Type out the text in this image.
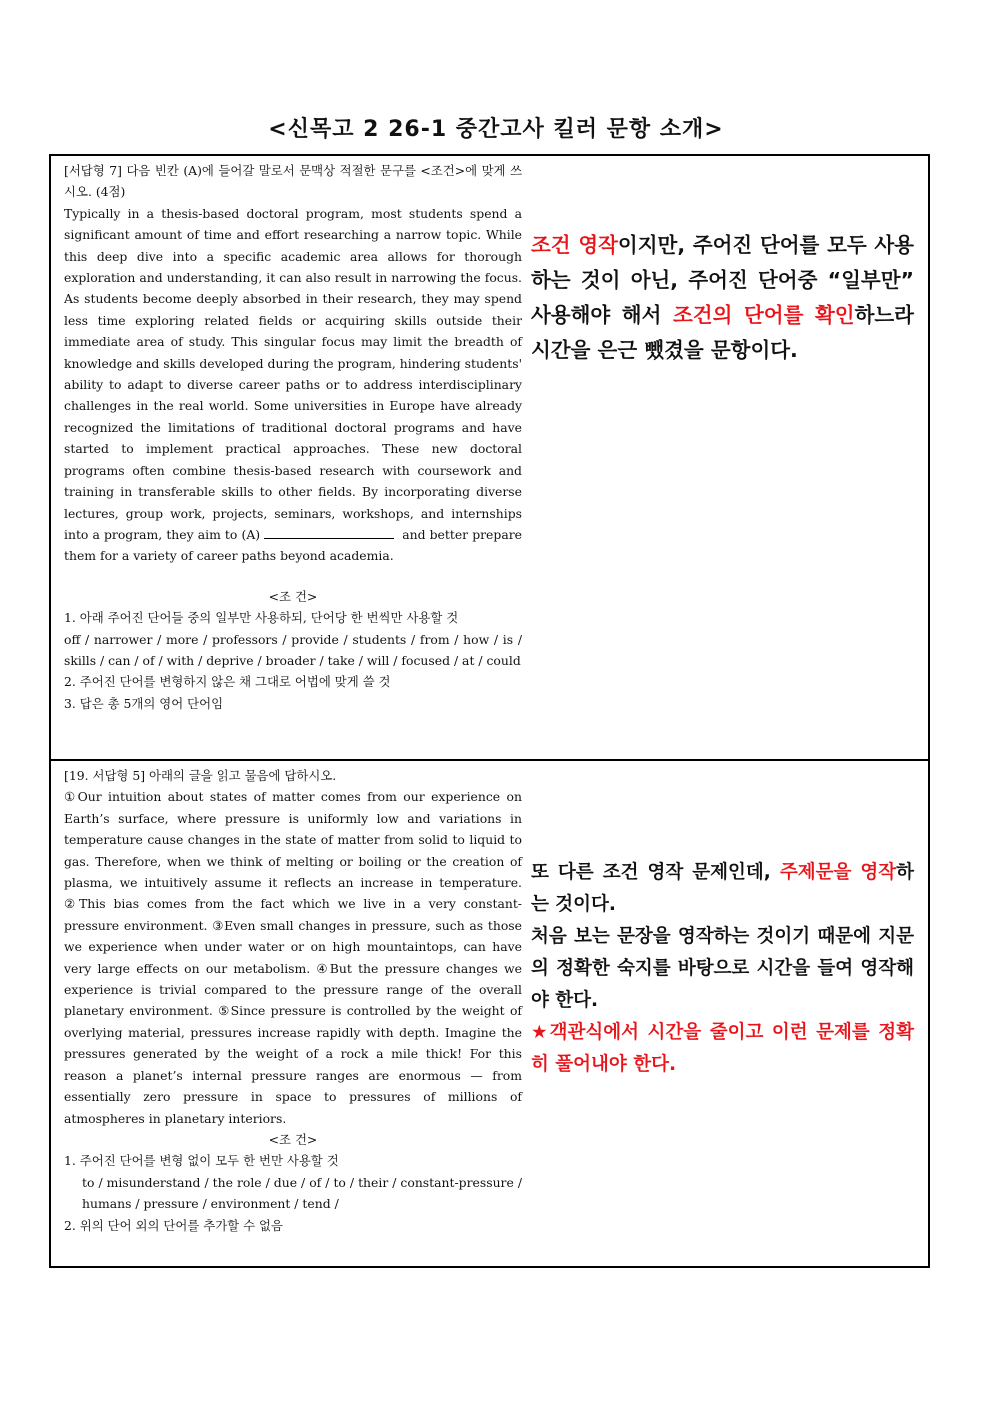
<신목고 2 26-1 중간고사 킬러 문항 소개>

[서답형 7] 다음 빈칸 (A)에 들어갈 말로서 문맥상 적절한 문구를 <조건>에 맞게 쓰시오. (4점)

Typically in a thesis-based doctoral program, most students spend a significant amount of time and effort researching a narrow topic. While this deep dive into a specific academic area allows for thorough exploration and understanding, it can also result in narrowing the focus. As students become deeply absorbed in their research, they may spend less time exploring related fields or acquiring skills outside their immediate area of study. This singular focus may limit the breadth of knowledge and skills developed during the program, hindering students' ability to adapt to diverse career paths or to address interdisciplinary challenges in the real world. Some universities in Europe have already recognized the limitations of traditional doctoral programs and have started to implement practical approaches. These new doctoral programs often combine thesis-based research with coursework and training in transferable skills to other fields. By incorporating diverse lectures, group work, projects, seminars, workshops, and internships into a program, they aim to (A)	and better prepare them for a variety of career paths beyond academia.

<조 건>

1. 아래 주어진 단어들 중의 일부만 사용하되, 단어당 한 번씩만 사용할 것

off / narrower / more / professors / provide / students / from / how / is / skills / can / of / with / deprive / broader / take / will / focused / at / could

2. 주어진 단어를 변형하지 않은 채 그대로 어법에 맞게 쓸 것

3. 답은 총 5개의 영어 단어임

조건 영작이지만, 주어진 단어를 모두 사용하는 것이 아닌, 주어진 단어중 “일부만” 사용해야 해서 조건의 단어를 확인하느라 시간을 은근 뺐겼을 문항이다.

[19. 서답형 5] 아래의 글을 읽고 물음에 답하시오.

①Our intuition about states of matter comes from our experience on Earth’s surface, where pressure is uniformly low and variations in temperature cause changes in the state of matter from solid to liquid to gas. Therefore, when we think of melting or boiling or the creation of plasma, we intuitively assume it reflects an increase in temperature. ②This bias comes from the fact which we live in a very constant-pressure environment. ③Even small changes in pressure, such as those we experience when under water or on high mountaintops, can have very large effects on our metabolism. ④But the pressure changes we experience is trivial compared to the pressure range of the overall planetary environment. ⑤Since pressure is controlled by the weight of overlying material, pressures increase rapidly with depth. Imagine the pressures generated by the weight of a rock a mile thick! For this reason a planet’s internal pressure ranges are enormous — from essentially zero pressure in space to pressures of millions of atmospheres in planetary interiors.

<조 건>

1. 주어진 단어를 변형 없이 모두 한 번만 사용할 것

to / misunderstand / the role / due / of / to / their / constant-pressure / humans / pressure / environment / tend /

2. 위의 단어 외의 단어를 추가할 수 없음

또 다른 조건 영작 문제인데, 주제문을 영작하는 것이다.

처음 보는 문장을 영작하는 것이기 때문에 지문의 정확한 숙지를 바탕으로 시간을 들여 영작해야 한다.

★객관식에서 시간을 줄이고 이런 문제를 정확히 풀어내야 한다.
